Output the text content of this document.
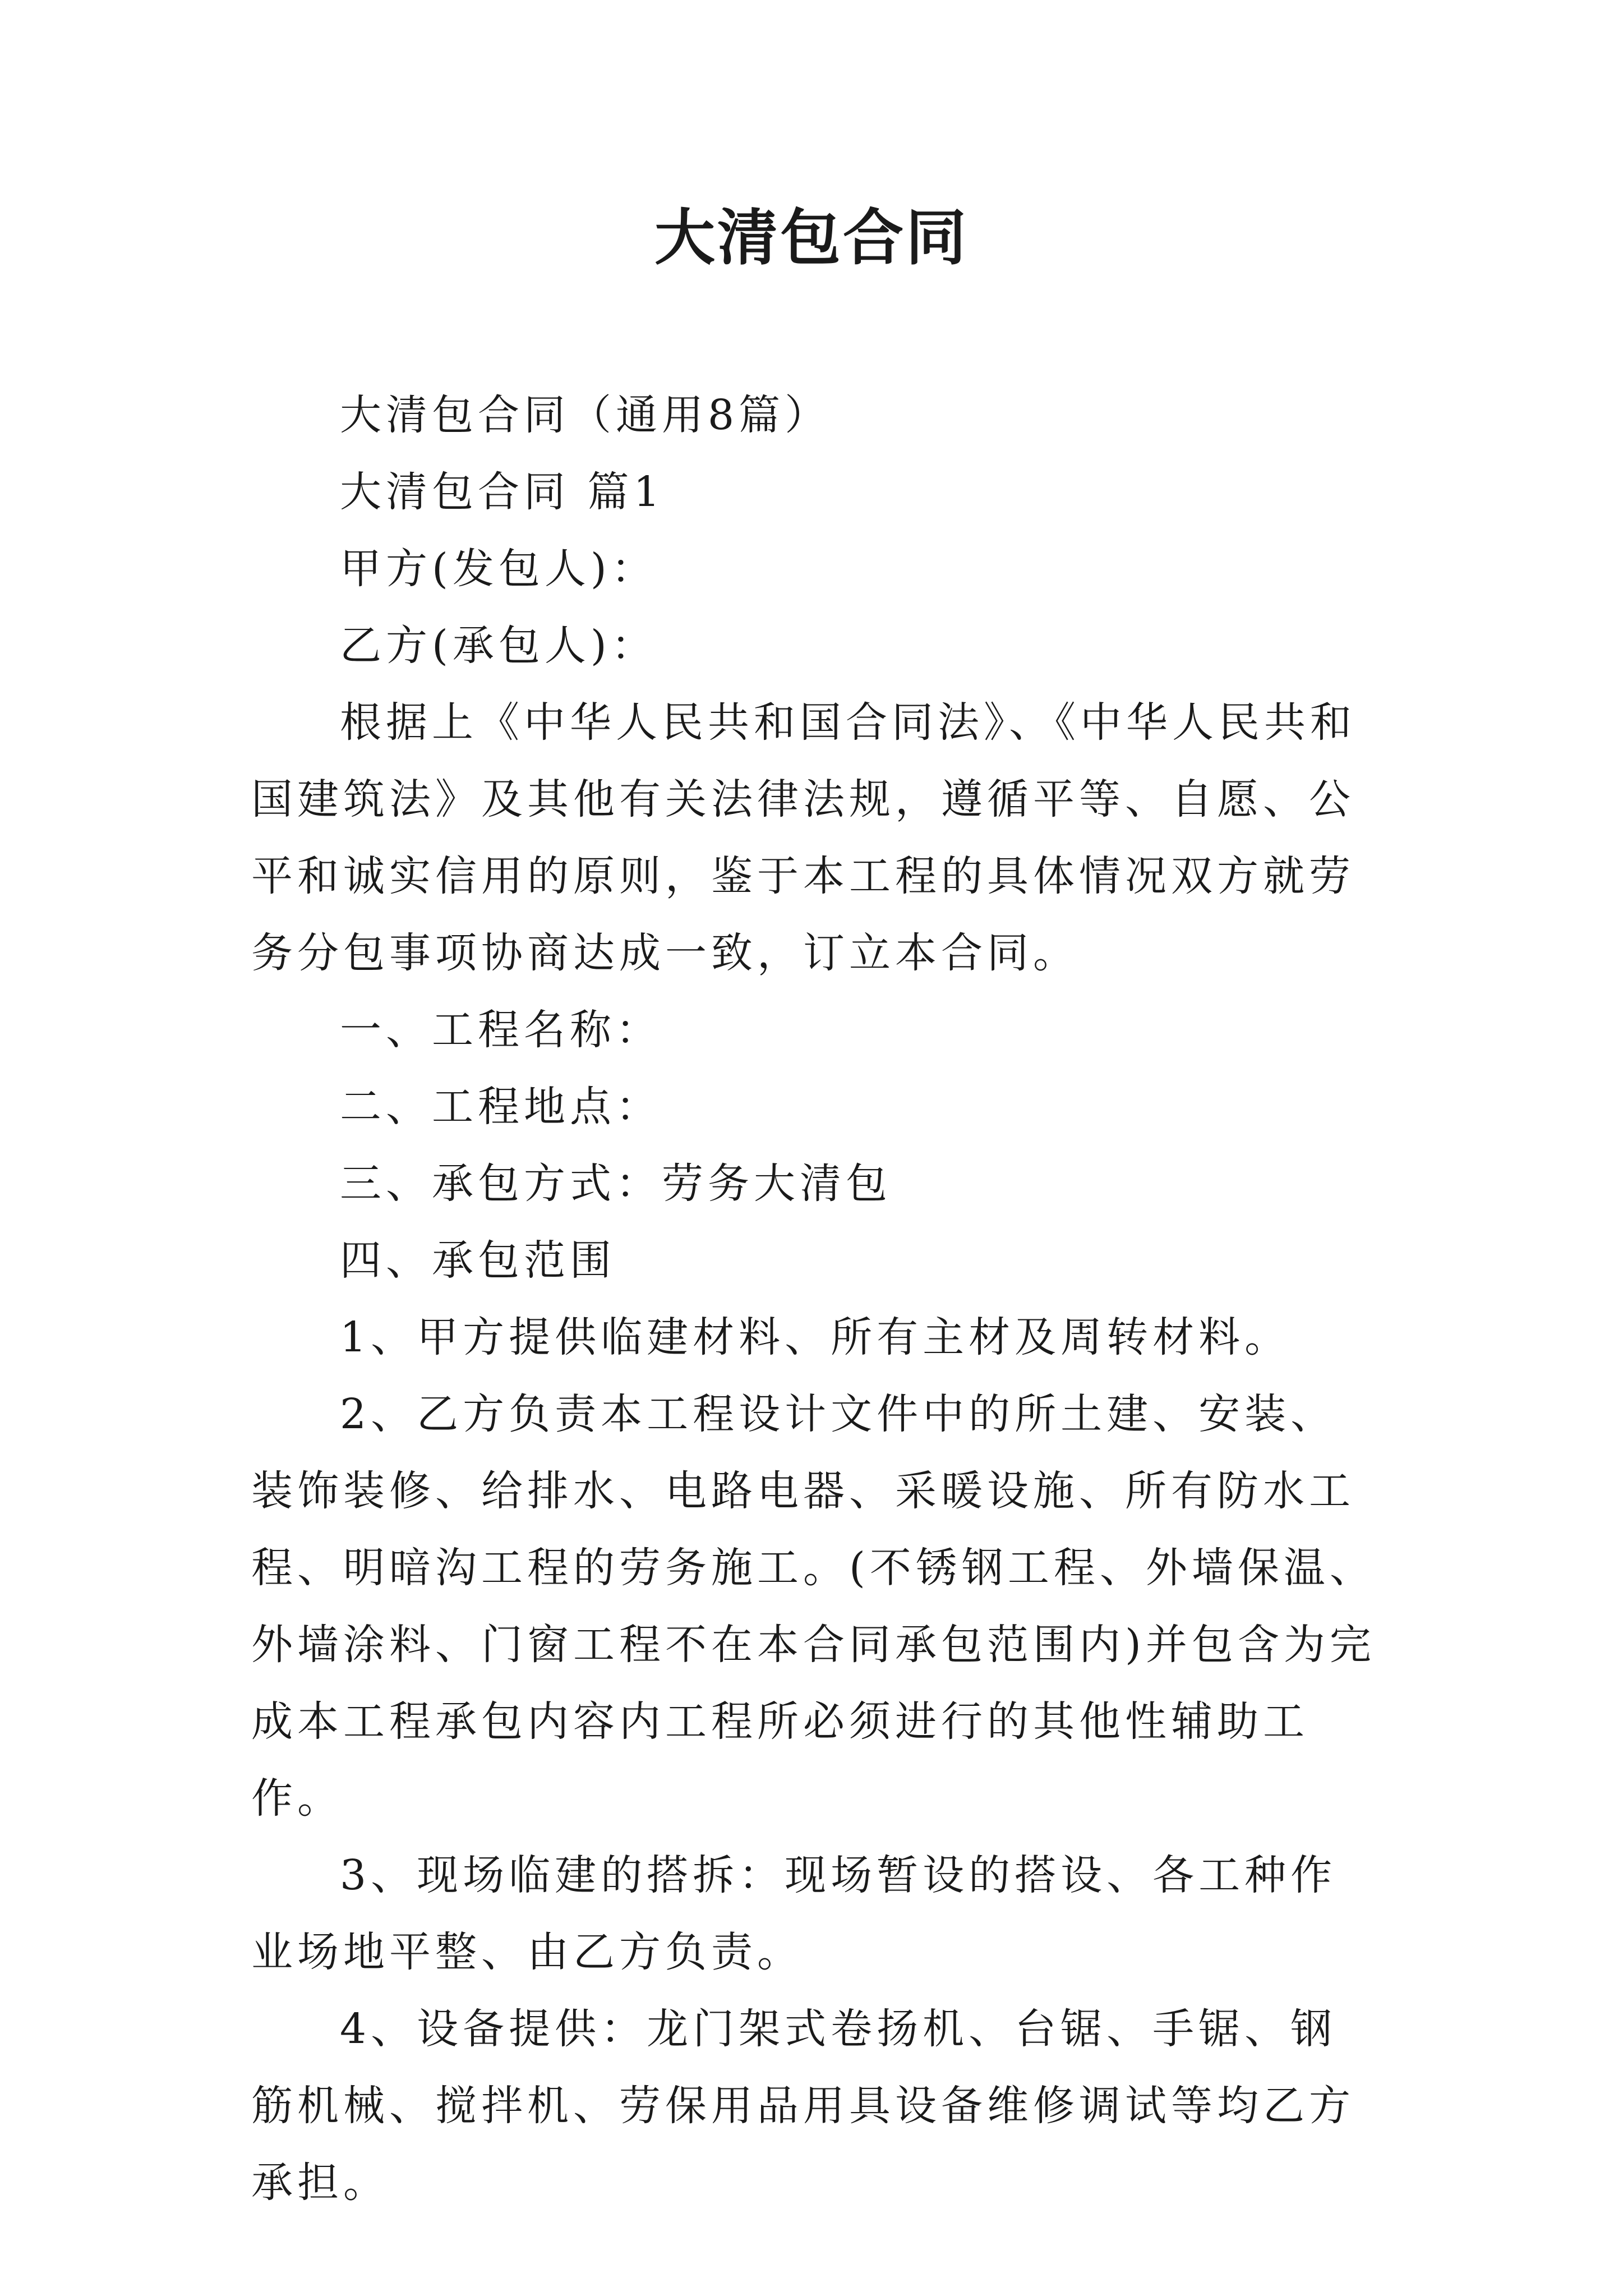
大清包合同

大清包合同（通用8篇）

大清包合同 篇1

甲方(发包人)：

乙方(承包人)：

根据上《中华人民共和国合同法》、《中华人民共和国建筑法》及其他有关法律法规，遵循平等、自愿、公平和诚实信用的原则，鉴于本工程的具体情况双方就劳务分包事项协商达成一致，订立本合同。

一、工程名称：

二、工程地点：

三、承包方式：劳务大清包

四、承包范围

1、甲方提供临建材料、所有主材及周转材料。

2、乙方负责本工程设计文件中的所土建、安装、装饰装修、给排水、电路电器、采暖设施、所有防水工程、明暗沟工程的劳务施工。(不锈钢工程、外墙保温、外墙涂料、门窗工程不在本合同承包范围内)并包含为完成本工程承包内容内工程所必须进行的其他性辅助工作。

3、现场临建的搭拆：现场暂设的搭设、各工种作业场地平整、由乙方负责。

4、设备提供：龙门架式卷扬机、台锯、手锯、钢筋机械、搅拌机、劳保用品用具设备维修调试等均乙方承担。
